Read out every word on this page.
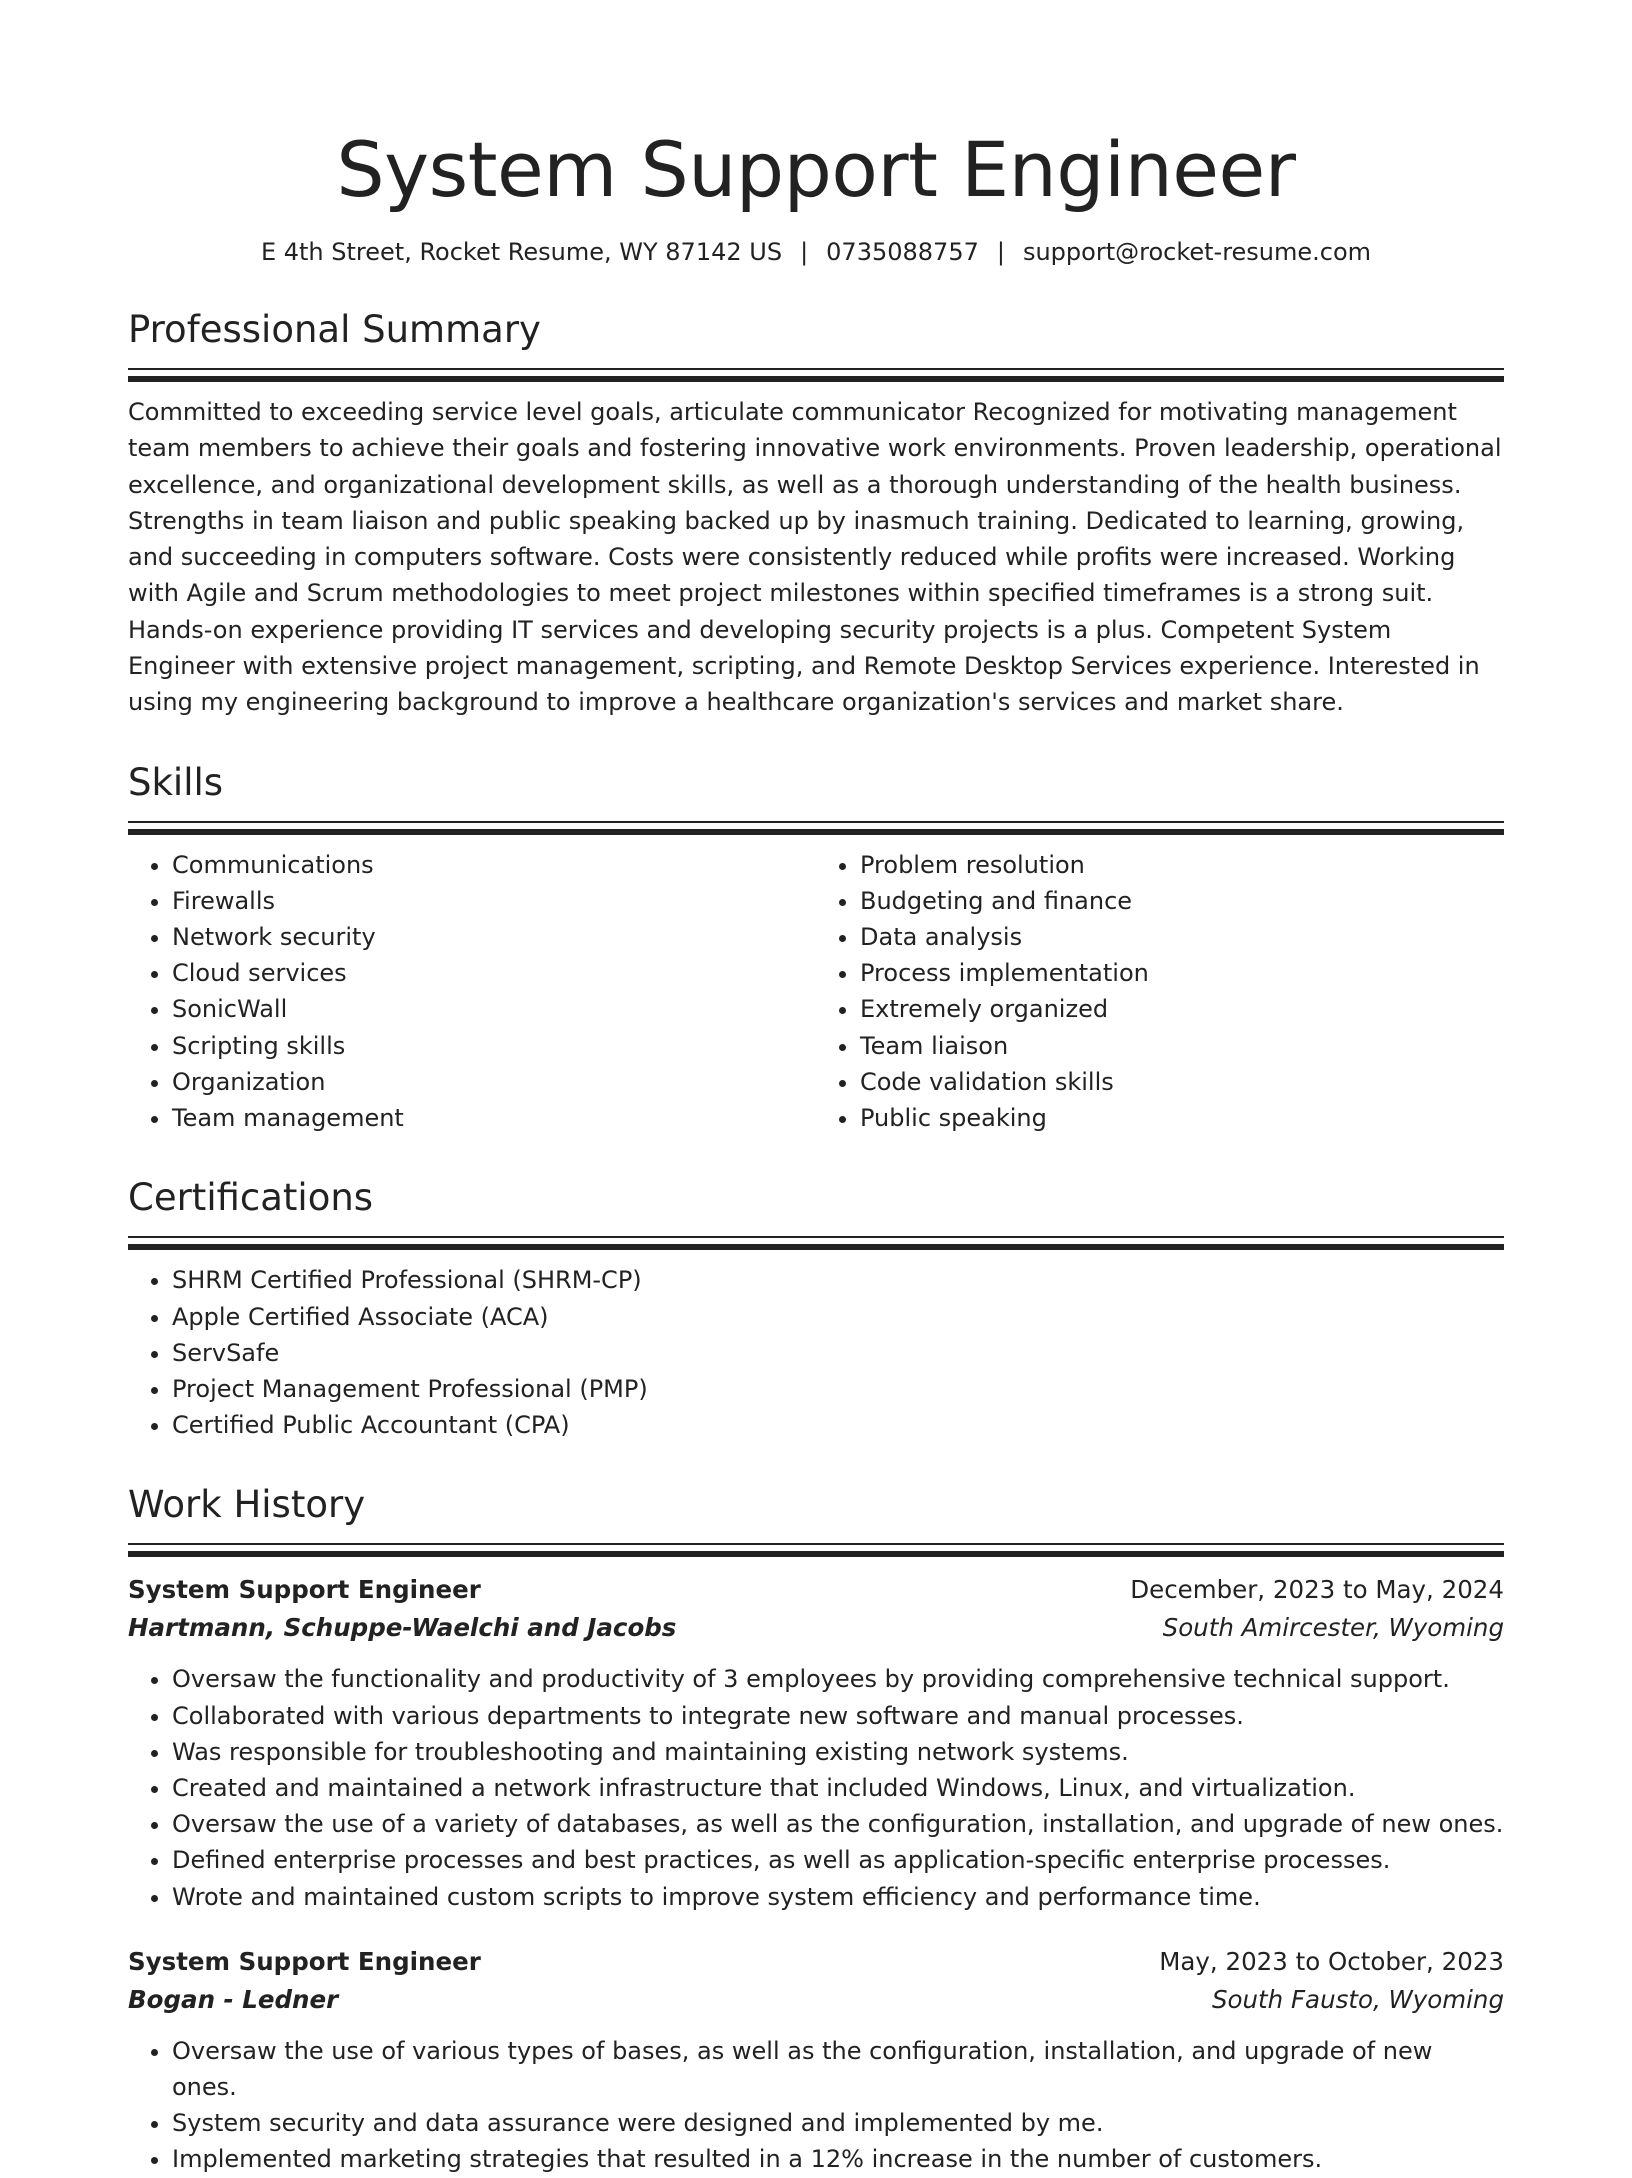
System Support Engineer
E 4th Street, Rocket Resume, WY 87142 US | 0735088757 | support@rocket-resume.com
Professional Summary
Committed to exceeding service level goals, articulate communicator Recognized for motivating management team members to achieve their goals and fostering innovative work environments. Proven leadership, operational excellence, and organizational development skills, as well as a thorough understanding of the health business. Strengths in team liaison and public speaking backed up by inasmuch training. Dedicated to learning, growing, and succeeding in computers software. Costs were consistently reduced while profits were increased. Working with Agile and Scrum methodologies to meet project milestones within specified timeframes is a strong suit. Hands-on experience providing IT services and developing security projects is a plus. Competent System Engineer with extensive project management, scripting, and Remote Desktop Services experience. Interested in using my engineering background to improve a healthcare organization's services and market share.
Skills
• Communications
• Firewalls
• Network security
• Cloud services
• SonicWall
• Scripting skills
• Organization
• Team management
• Problem resolution
• Budgeting and finance
• Data analysis
• Process implementation
• Extremely organized
• Team liaison
• Code validation skills
• Public speaking
Certifications
• SHRM Certified Professional (SHRM-CP)
• Apple Certified Associate (ACA)
• ServSafe
• Project Management Professional (PMP)
• Certified Public Accountant (CPA)
Work History
System Support Engineer	December, 2023 to May, 2024
Hartmann, Schuppe-Waelchi and Jacobs	South Amircester, Wyoming
• Oversaw the functionality and productivity of 3 employees by providing comprehensive technical support.
• Collaborated with various departments to integrate new software and manual processes.
• Was responsible for troubleshooting and maintaining existing network systems.
• Created and maintained a network infrastructure that included Windows, Linux, and virtualization.
• Oversaw the use of a variety of databases, as well as the configuration, installation, and upgrade of new ones.
• Defined enterprise processes and best practices, as well as application-specific enterprise processes.
• Wrote and maintained custom scripts to improve system efficiency and performance time.
System Support Engineer	May, 2023 to October, 2023
Bogan - Ledner	South Fausto, Wyoming
• Oversaw the use of various types of bases, as well as the configuration, installation, and upgrade of new ones.
• System security and data assurance were designed and implemented by me.
• Implemented marketing strategies that resulted in a 12% increase in the number of customers.
